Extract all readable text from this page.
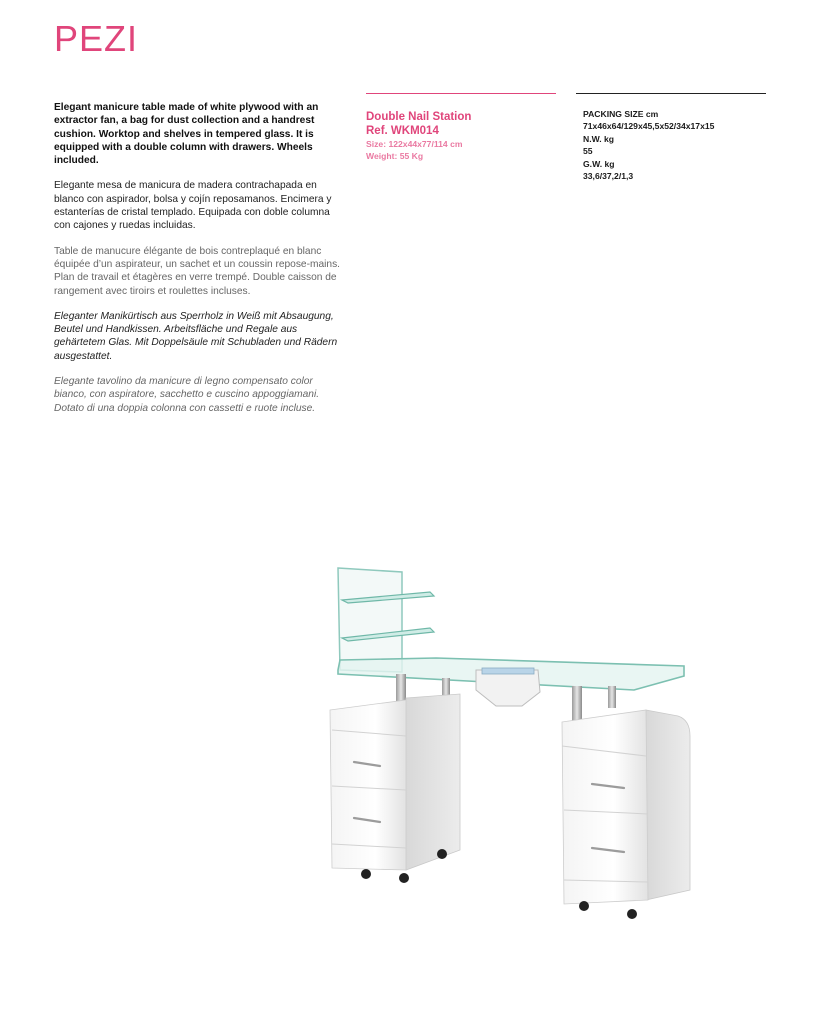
PEZI

Elegant manicure table made of white plywood with an extractor fan, a bag for dust collection and a handrest cushion. Worktop and shelves in tempered glass. It is equipped with a double column with drawers. Wheels included.

Elegante mesa de manicura de madera contrachapada en blanco con aspirador, bolsa y cojín reposamanos. Encimera y estanterías de cristal templado. Equipada con doble columna con cajones y ruedas incluidas.

Table de manucure élégante de bois contreplaqué en blanc équipée d’un aspirateur, un sachet et un coussin repose-mains. Plan de travail et étagères en verre trempé. Double caisson de rangement avec tiroirs et roulettes incluses.

Eleganter Manikürtisch aus Sperrholz in Weiß mit Absaugung, Beutel und Handkissen. Arbeitsfläche und Regale aus gehärtetem Glas. Mit Doppelsäule mit Schubladen und Rädern ausgestattet.

Elegante tavolino da manicure di legno compensato color bianco, con aspiratore, sacchetto e cuscino appoggiamani. Dotato di una doppia colonna con cassetti e ruote incluse.

Double Nail Station
Ref. WKM014
Size: 122x44x77/114 cm
Weight: 55 Kg
PACKING SIZE cm
71x46x64/129x45,5x52/34x17x15
N.W. kg
55
G.W. kg
33,6/37,2/1,3
